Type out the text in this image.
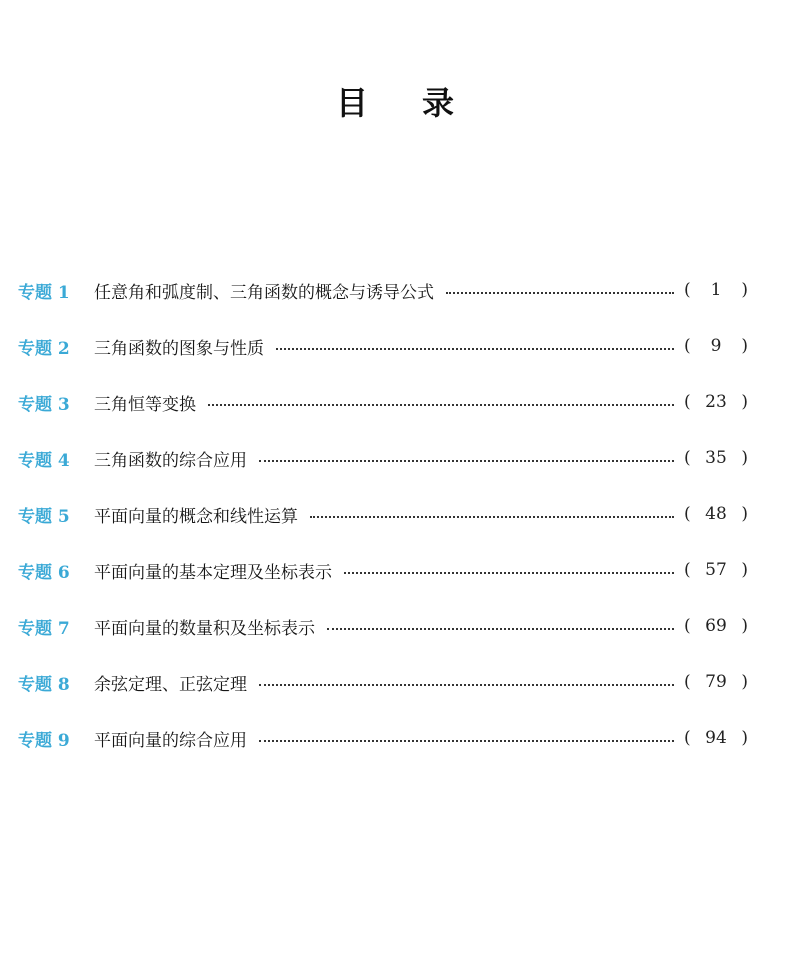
目 录
专题 1	任意角和弧度制、三角函数的概念与诱导公式	(	1	)
专题 2	三角函数的图象与性质	(	9	)
专题 3	三角恒等变换	( 23 )
专题 4	三角函数的综合应用	( 35 )
专题 5	平面向量的概念和线性运算	( 48 )
专题 6	平面向量的基本定理及坐标表示	( 57 )
专题 7	平面向量的数量积及坐标表示	( 69 )
专题 8	余弦定理、正弦定理	( 79 )
专题 9	平面向量的综合应用	( 94 )
